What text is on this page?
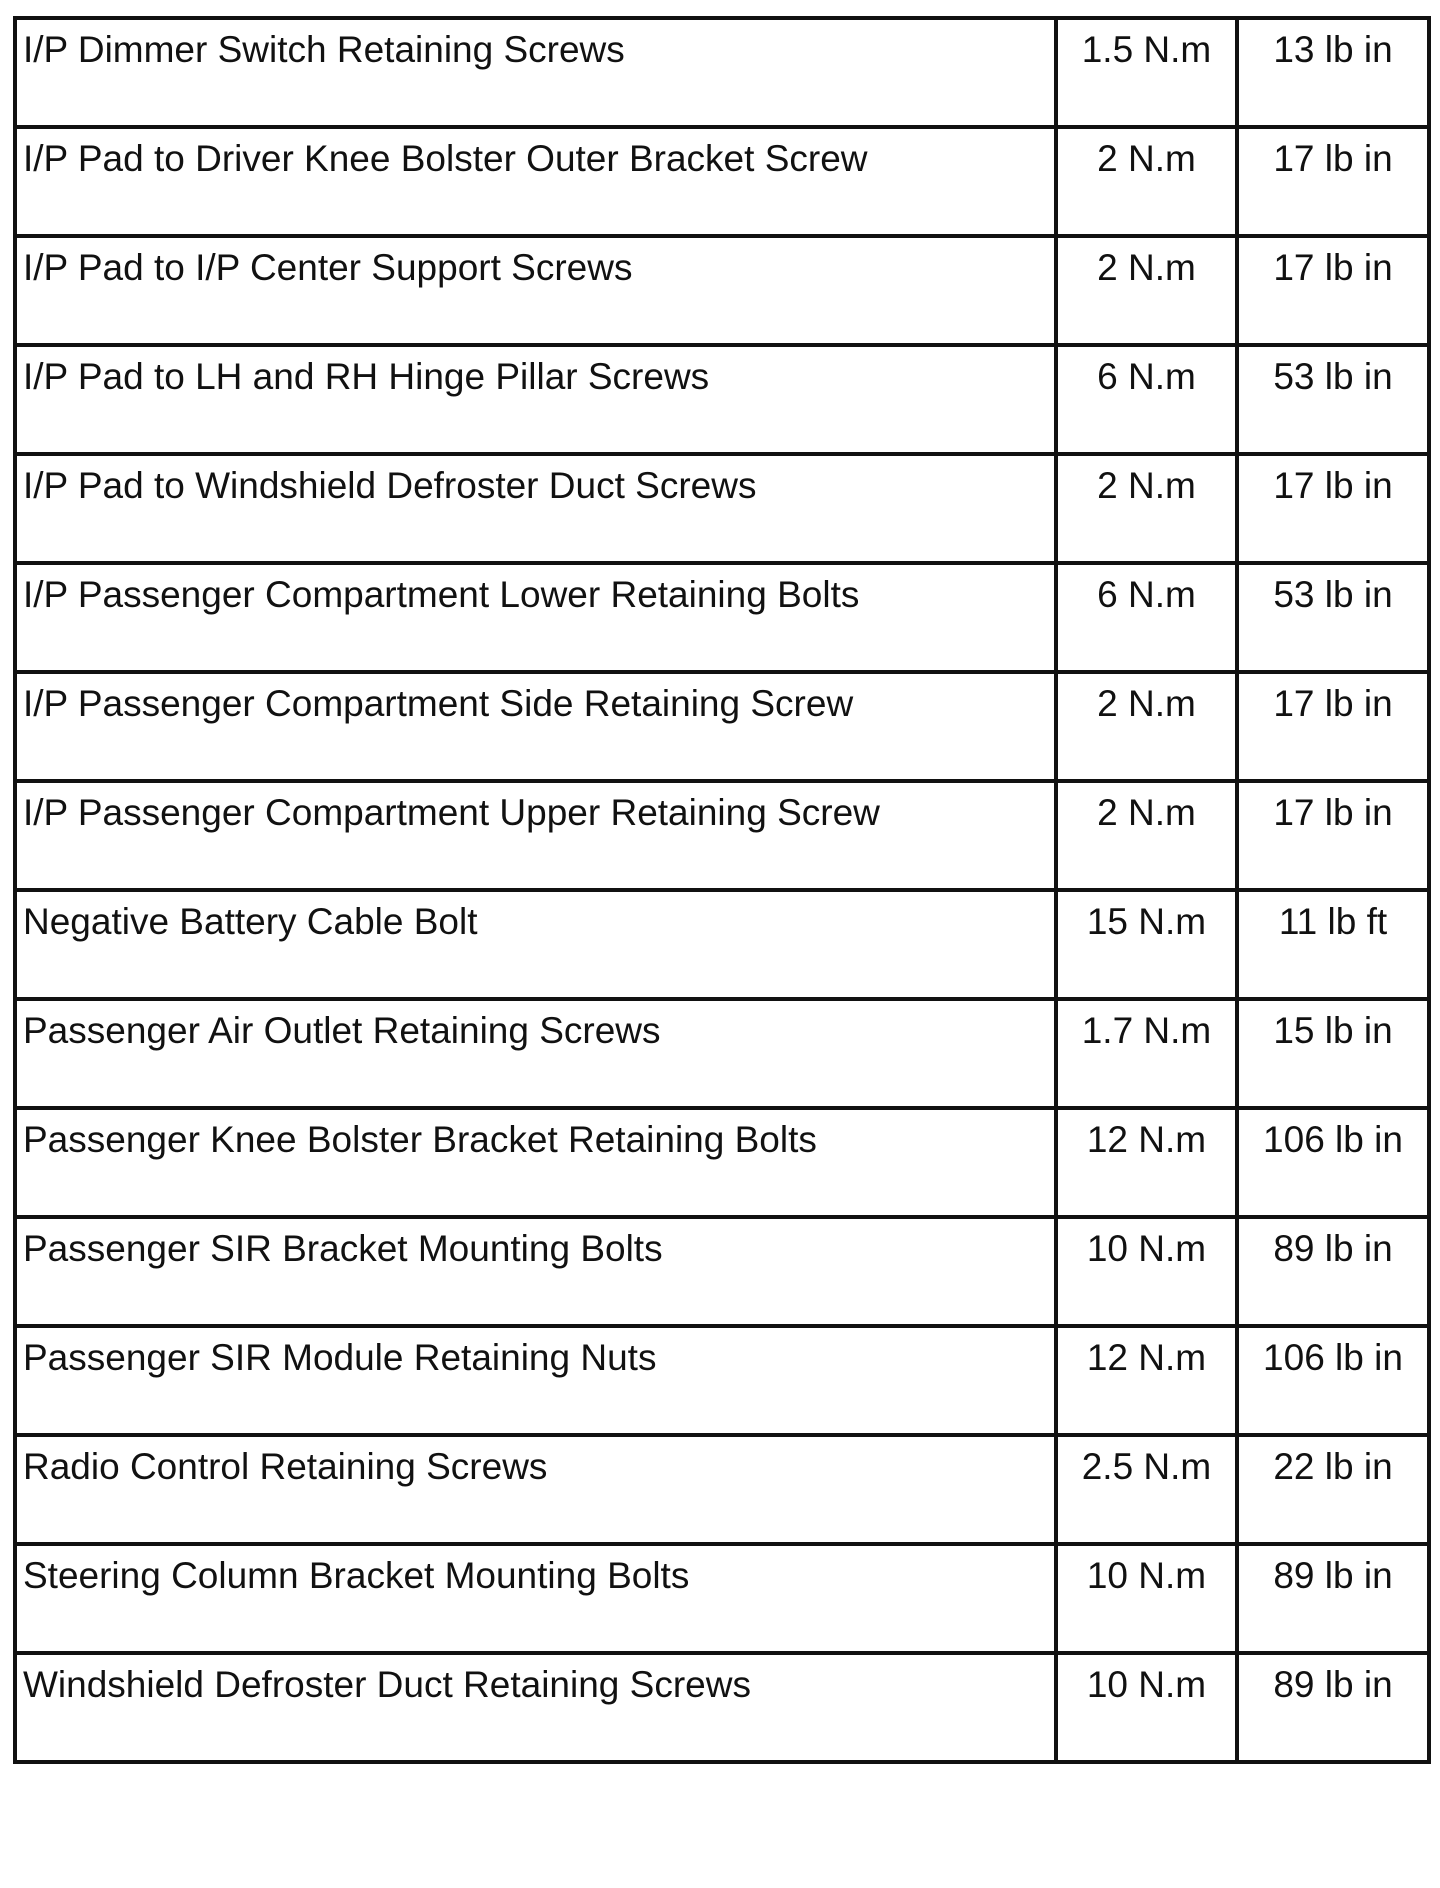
I/P Dimmer Switch Retaining Screws	1.5 N.m	13 lb in
I/P Pad to Driver Knee Bolster Outer Bracket Screw	2 N.m	17 lb in
I/P Pad to I/P Center Support Screws	2 N.m	17 lb in
I/P Pad to LH and RH Hinge Pillar Screws	6 N.m	53 lb in
I/P Pad to Windshield Defroster Duct Screws	2 N.m	17 lb in
I/P Passenger Compartment Lower Retaining Bolts	6 N.m	53 lb in
I/P Passenger Compartment Side Retaining Screw	2 N.m	17 lb in
I/P Passenger Compartment Upper Retaining Screw	2 N.m	17 lb in
Negative Battery Cable Bolt	15 N.m	11 lb ft
Passenger Air Outlet Retaining Screws	1.7 N.m	15 lb in
Passenger Knee Bolster Bracket Retaining Bolts	12 N.m	106 lb in
Passenger SIR Bracket Mounting Bolts	10 N.m	89 lb in
Passenger SIR Module Retaining Nuts	12 N.m	106 lb in
Radio Control Retaining Screws	2.5 N.m	22 lb in
Steering Column Bracket Mounting Bolts	10 N.m	89 lb in
Windshield Defroster Duct Retaining Screws	10 N.m	89 lb in
